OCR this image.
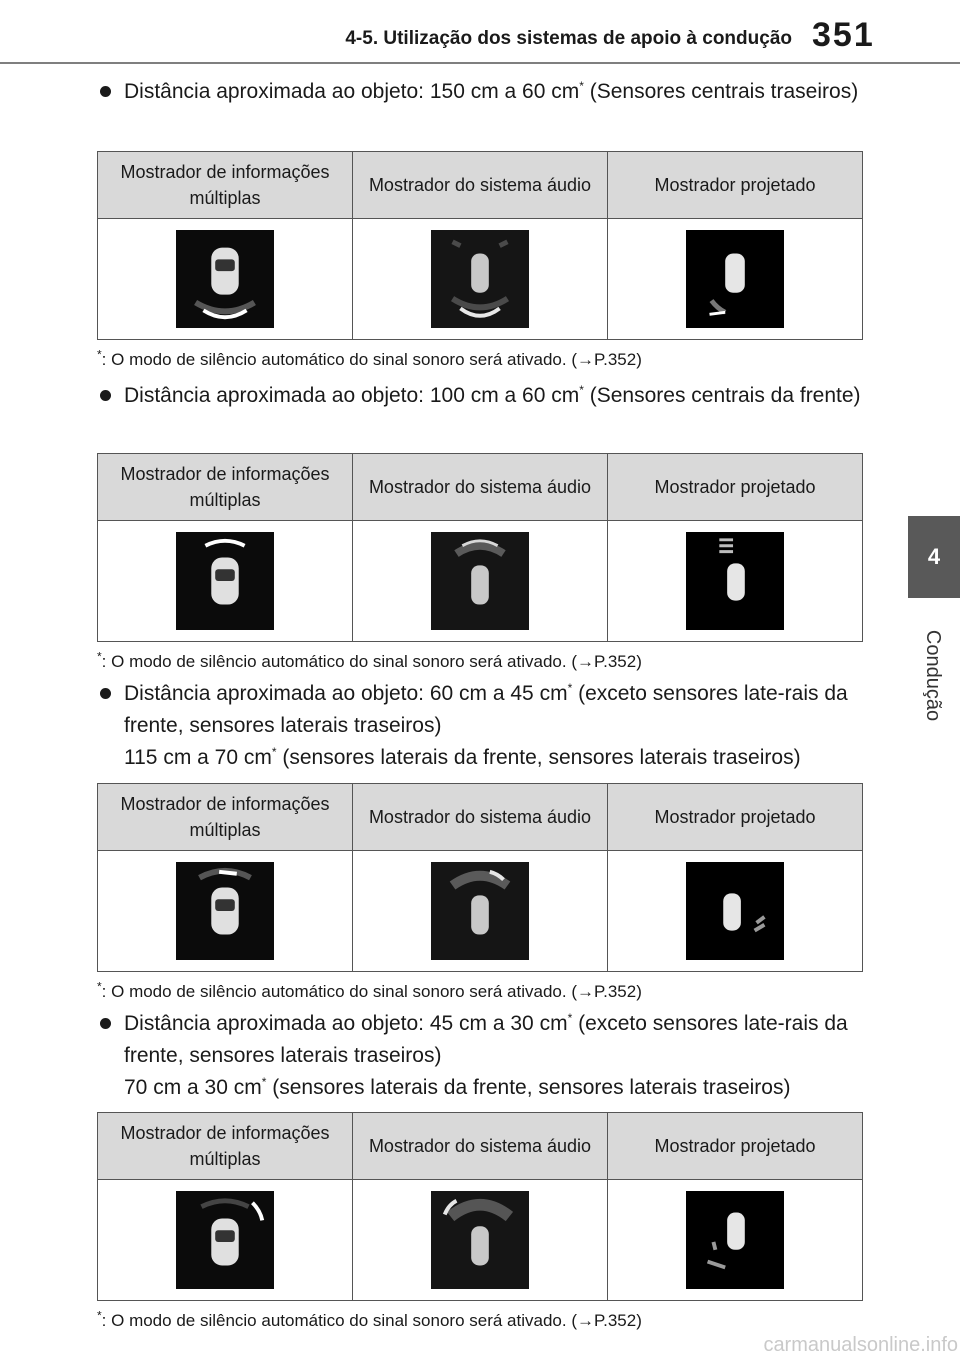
4-5. Utilização dos sistemas de apoio à condução 351
4
Condução
Distância aproximada ao objeto: 150 cm a 60 cm* (Sensores centrais traseiros)
Mostrador de informações múltiplas	Mostrador do sistema áudio	Mostrador projetado

*: O modo de silêncio automático do sinal sonoro será ativado. (→P.352)
Distância aproximada ao objeto: 100 cm a 60 cm* (Sensores centrais da frente)
Mostrador de informações múltiplas	Mostrador do sistema áudio	Mostrador projetado

*: O modo de silêncio automático do sinal sonoro será ativado. (→P.352)
Distância aproximada ao objeto: 60 cm a 45 cm* (exceto sensores late-rais da frente, sensores laterais traseiros)
115 cm a 70 cm* (sensores laterais da frente, sensores laterais traseiros)
Mostrador de informações múltiplas	Mostrador do sistema áudio	Mostrador projetado

*: O modo de silêncio automático do sinal sonoro será ativado. (→P.352)
Distância aproximada ao objeto: 45 cm a 30 cm* (exceto sensores late-rais da frente, sensores laterais traseiros)
70 cm a 30 cm* (sensores laterais da frente, sensores laterais traseiros)
Mostrador de informações múltiplas	Mostrador do sistema áudio	Mostrador projetado

*: O modo de silêncio automático do sinal sonoro será ativado. (→P.352)
carmanualsonline.info
